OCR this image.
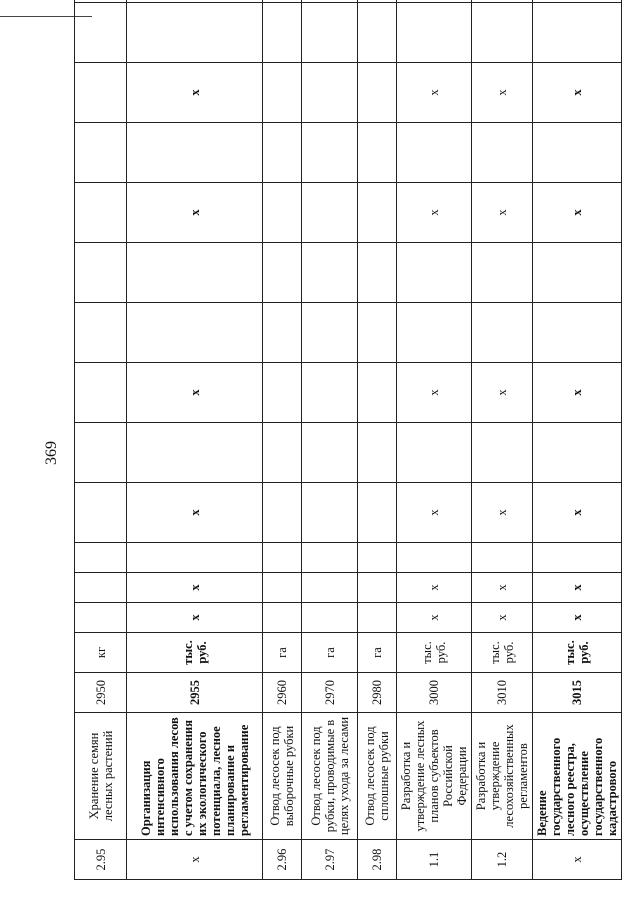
369
2.95	Хранение семян лесных растений	2950	кг																
x	Организация интенсивного использования лесов с учетом сохранения их экологического потенциала, лесное планирование и регламентирование	2955	тыс. руб.	x	x		x		x			x		x					
2.96	Отвод лесосек под выборочные рубки	2960	га																
2.97	Отвод лесосек под рубки, проводимые в целях ухода за лесами	2970	га																
2.98	Отвод лесосек под сплошные рубки	2980	га																
1.1	Разработка и утверждение лесных планов субъектов Российской Федерации	3000	тыс. руб.	x	x		x		x			x		x					
1.2	Разработка и утверждение лесохозяйственных регламентов	3010	тыс. руб.	x	x		x		x			x		x					
x	Ведение государственного лесного реестра, осуществление государственного кадастрового	3015	тыс. руб.	x	x		x		x			x		x					
